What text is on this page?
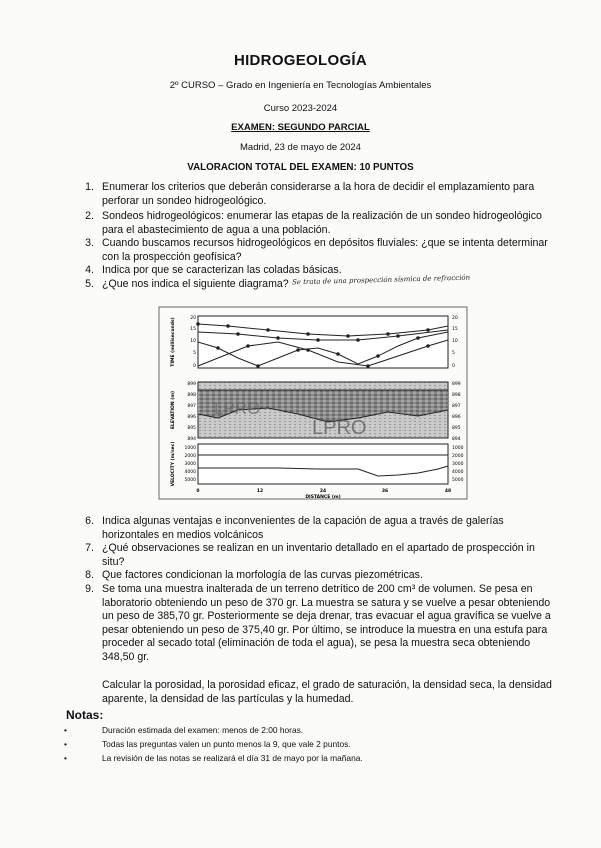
HIDROGEOLOGÍA
2º CURSO – Grado en Ingeniería en Tecnologías Ambientales
Curso 2023-2024
EXAMEN: SEGUNDO PARCIAL
Madrid, 23 de mayo de 2024
VALORACION TOTAL DEL EXAMEN: 10 PUNTOS
1. Enumerar los criterios que deberán considerarse a la hora de decidir el emplazamiento para perforar un sondeo hidrogeológico.
2. Sondeos hidrogeológicos: enumerar las etapas de la realización de un sondeo hidrogeológico para el abastecimiento de agua a una población.
3. Cuando buscamos recursos hidrogeológicos en depósitos fluviales: ¿que se intenta determinar con la prospección geofísica?
4. Indica por que se caracterizan las coladas básicas.
5. ¿Que nos indica el siguiente diagrama? Se trata de una prospección sísmica de refracción
TIME (milliseconds)	20
15
10
5
0
20
15
10
5
0
ELEVATION (m)
899
898
897
896
895
894
899
898
897
896
895
894
LPRO
LPRO
VELOCITY (m/sec)	1000
2000
3000
4000
5000
1000
2000
3000
4000
5000
0	12	24	36	48
DISTANCE (m)
6. Indica algunas ventajas e inconvenientes de la capación de agua a través de galerías horizontales en medios volcánicos
7. ¿Qué observaciones se realizan en un inventario detallado en el apartado de prospección in situ?
8. Que factores condicionan la morfología de las curvas piezométricas.
9. Se toma una muestra inalterada de un terreno detrítico de 200 cm³ de volumen. Se pesa en laboratorio obteniendo un peso de 370 gr. La muestra se satura y se vuelve a pesar obteniendo un peso de 385,70 gr. Posteriormente se deja drenar, tras evacuar el agua gravífica se vuelve a pesar obteniendo un peso de 375,40 gr. Por último, se introduce la muestra en una estufa para proceder al secado total (eliminación de toda el agua), se pesa la muestra seca obteniendo 348,50 gr.
Calcular la porosidad, la porosidad eficaz, el grado de saturación, la densidad seca, la densidad aparente, la densidad de las partículas y la humedad.
Notas:
•	Duración estimada del examen: menos de 2:00 horas.
•	Todas las preguntas valen un punto menos la 9, que vale 2 puntos.
•	La revisión de las notas se realizará el día 31 de mayo por la mañana.
